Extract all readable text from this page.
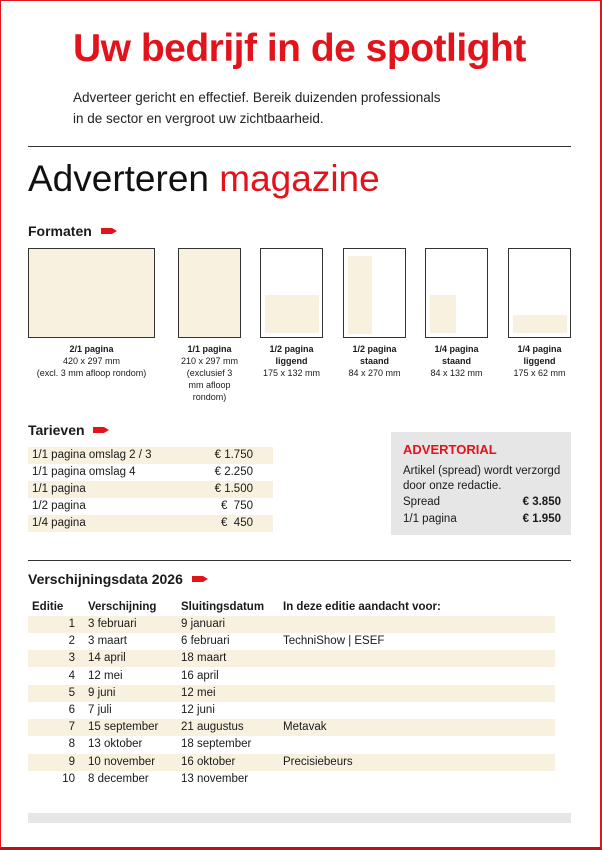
Uw bedrijf in de spotlight
Adverteer gericht en effectief. Bereik duizenden professionals
in de sector en vergroot uw zichtbaarheid.
Adverteren magazine
Formaten
2/1 pagina
420 x 297 mm
(excl. 3 mm afloop rondom)
1/1 pagina
210 x 297 mm
(exclusief 3
mm afloop
rondom)
1/2 pagina
liggend
175 x 132 mm
1/2 pagina
staand
84 x 270 mm
1/4 pagina
staand
84 x 132 mm
1/4 pagina
liggend
175 x 62 mm
Tarieven
1/1 pagina omslag 2 / 3	€ 1.750
1/1 pagina omslag 4	€ 2.250
1/1 pagina	€ 1.500
1/2 pagina	€  750
1/4 pagina	€  450
ADVERTORIAL
Artikel (spread) wordt verzorgd door onze redactie.
Spread	€ 3.850
1/1 pagina	€ 1.950
Verschijningsdata 2026
Editie Verschijning Sluitingsdatum In deze editie aandacht voor:
1 3 februari	9 januari
2 3 maart	6 februari	TechniShow | ESEF
3 14 april	18 maart
4 12 mei	16 april
5 9 juni	12 mei
6 7 juli	12 juni
7 15 september 21 augustus	Metavak
8 13 oktober	18 september
9 10 november 16 oktober	Precisiebeurs
10 8 december	13 november
